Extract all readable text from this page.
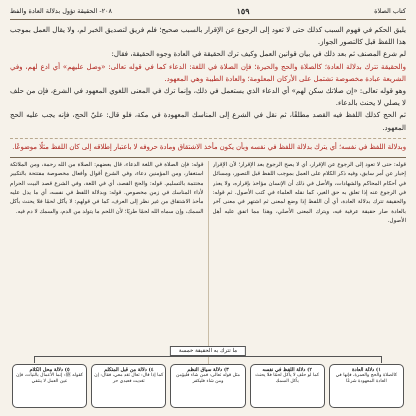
كتاب الصلاة
١٥٩
٢٠٨- الحقيقة تؤول بدلالة العادة والفظ

يليق الحكم في فهوم السبب كذلك حتى لا تعود إلى الرجوع عن الإقرار بالسبب صحيح؛ فلم فريق لتصديق الخبر لم، ولا يقال العمل بموجب هذا اللفظ قبل كالتصور الجواز.

لم شرع المصنف ثم بعد ذلك في بيان قوانين العمل وكيف ترك الحقيقة في العادة وجوه الحقيقة، فقال:

والحقيقة تترك بدلالة العادة؛ كالصلاة والحج والحيرة؛ فإن الصلاة في اللغة: الدعاء كما في قوله تعالى: «وصل عليهم» أي ادع لهم، وفي الشريعة عبادة مخصوصة تشتمل على الأركان المعلومة؛ والعادة الطيبة وهي المعهود.

وهو قوله تعالى: «إن صلاتك سكن لهم» أي الدعاء الذي يستعمل في ذلك، وإنما ترك في المعنى اللغوي المعهود في الشرع، فإن من حلف لا يصلي لا يحنث بالدعاء.

ثم الحج كذلك اللفظ فيه القصد مطلقًا، ثم نقل في الشرع إلى المناسك المعهودة في مكة، فلو قال: عليّ الحج، فإنه يجب عليه الحج المعهود.

وبدلالة اللفظ في نفسه؛ أي يترك بدلالة اللفظ في نفسه وبأن يكون مأخذ الاشتقاق ومادة حروفه لا باعتبار إطلاقه إلى كان اللفظ مثلًا موضوعًا.
قوله: حتى لا تعود إلى الرجوع عن الإقرار، أي لا يصح الرجوع بعد الإقرار؛ لأن الإقرار إخبار عن أمر سابق، وفيه ذكر الكلام على العمل بموجب اللفظ قبل التصور، ومسائل في أحكام المحاكم والشهادات، والأصل في ذلك أن الإنسان مؤاخذ بإقراره، ولا يعذر في الرجوع عنه إذا تعلق به حق الغير، كما نقله العلماء في كتب الأصول. ثم قوله: والحقيقة تترك بدلالة العادة، أي أن اللفظ إذا وضع لمعنى ثم اشتهر في معنى آخر بالعادة صار حقيقة عرفية فيه، ويترك المعنى الأصلي، وهذا مما اتفق عليه أهل الأصول.
قوله: فإن الصلاة في اللغة الدعاء، قال بعضهم: الصلاة من الله رحمة، ومن الملائكة استغفار، ومن المؤمنين دعاء، وفي الشرع أقوال وأفعال مخصوصة مفتتحة بالتكبير مختتمة بالتسليم. قوله: والحج القصد، أي في اللغة، وفي الشرع قصد البيت الحرام لأداء المناسك في زمن مخصوص. قوله: وبدلالة اللفظ في نفسه، أي ما يدل عليه مأخذ الاشتقاق من غير نظر إلى العرف، كما في قولهم: لا يأكل لحمًا فلا يحنث بأكل السمك، وإن سماه الله لحمًا طريًا؛ لأن اللحم ما يتولد من الدم، والسمك لا دم فيه.
ما تترك به الحقيقة خمسة
١) دلالة العادة
كالصلاة والحج والعمرة، فإنها في العادة المعهودة شرعًا
٢) دلالة اللفظ في نفسه
كما لو حلف لا يأكل لحمًا فلا يحنث بأكل السمك
٣) دلالة سياق النظم
مثل قوله تعالى: فمن شاء فليؤمن ومن شاء فليكفر
٤) دلالة من قبل المتكلم
كما إذا قال: تعال تغد معي، فقال: إن تغديت فعبدي حر
٥) دلالة محل الكلام
كقوله ﷺ: إنما الأعمال بالنيات، فإن عين العمل لا ينتفي
